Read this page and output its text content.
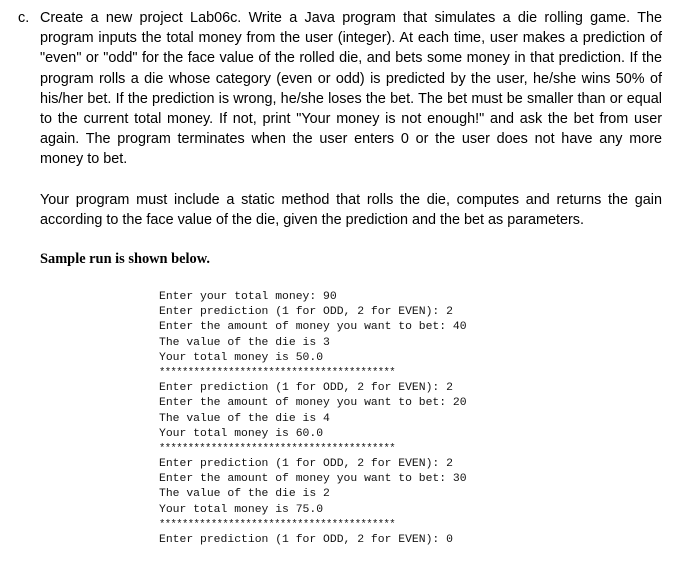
c. Create a new project Lab06c. Write a Java program that simulates a die rolling game. The program inputs the total money from the user (integer). At each time, user makes a prediction of "even" or "odd" for the face value of the rolled die, and bets some money in that prediction. If the program rolls a die whose category (even or odd) is predicted by the user, he/she wins 50% of his/her bet. If the prediction is wrong, he/she loses the bet. The bet must be smaller than or equal to the current total money. If not, print "Your money is not enough!" and ask the bet from user again. The program terminates when the user enters 0 or the user does not have any more money to bet.
Your program must include a static method that rolls the die, computes and returns the gain according to the face value of the die, given the prediction and the bet as parameters.
Sample run is shown below.
Enter your total money: 90
Enter prediction (1 for ODD, 2 for EVEN): 2
Enter the amount of money you want to bet: 40
The value of the die is 3
Your total money is 50.0
*****************************************
Enter prediction (1 for ODD, 2 for EVEN): 2
Enter the amount of money you want to bet: 20
The value of the die is 4
Your total money is 60.0
*****************************************
Enter prediction (1 for ODD, 2 for EVEN): 2
Enter the amount of money you want to bet: 30
The value of the die is 2
Your total money is 75.0
*****************************************
Enter prediction (1 for ODD, 2 for EVEN): 0
